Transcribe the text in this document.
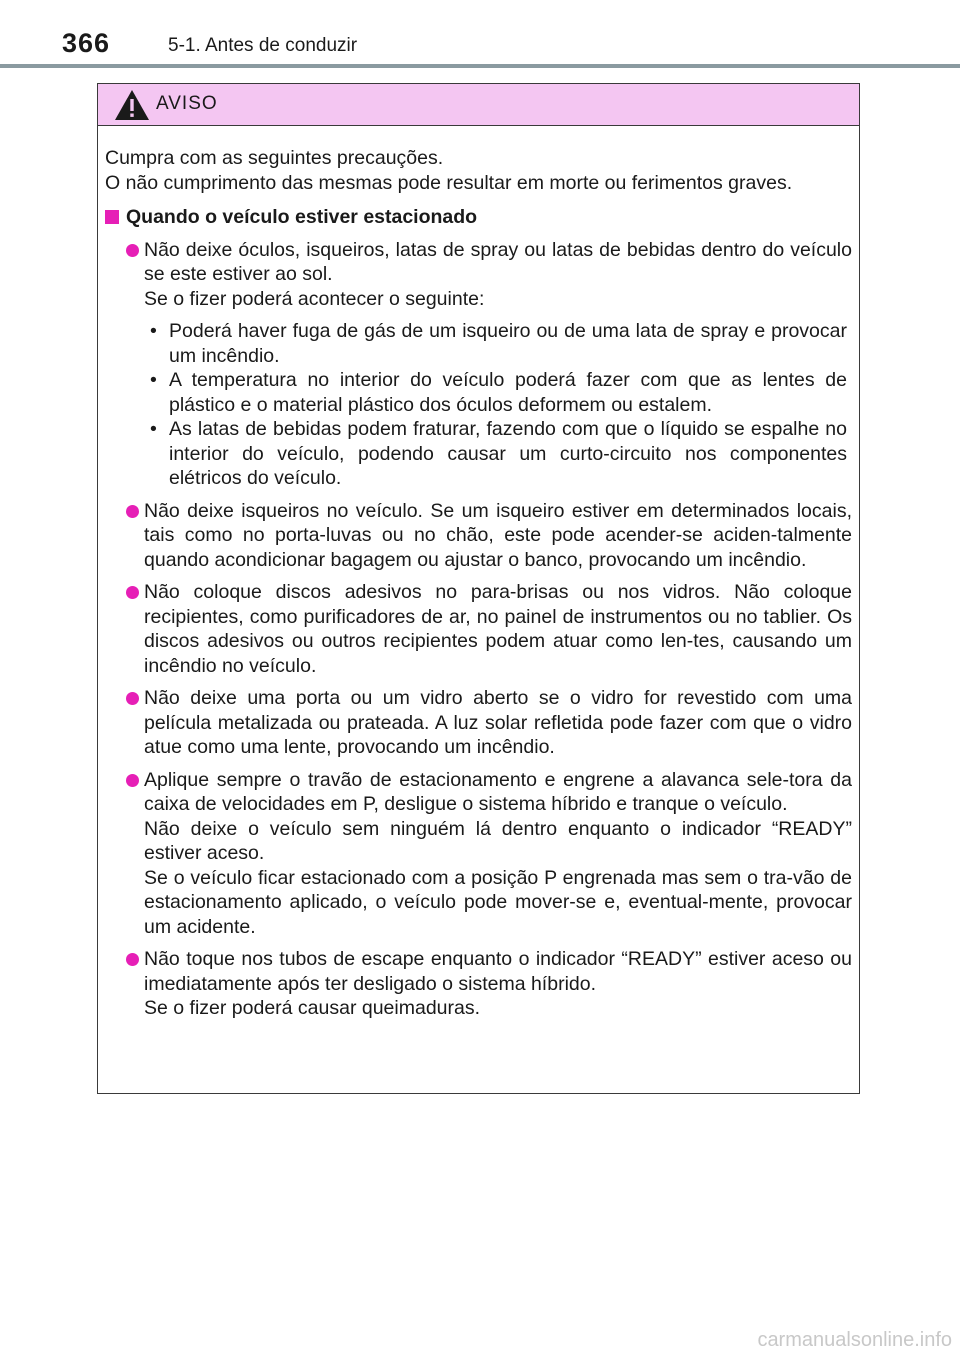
366	5-1. Antes de conduzir
AVISO

Cumpra com as seguintes precauções.

O não cumprimento das mesmas pode resultar em morte ou ferimentos graves.

Quando o veículo estiver estacionado

Não deixe óculos, isqueiros, latas de spray ou latas de bebidas dentro do veículo se este estiver ao sol.

Se o fizer poderá acontecer o seguinte:

• Poderá haver fuga de gás de um isqueiro ou de uma lata de spray e provocar um incêndio.
• A temperatura no interior do veículo poderá fazer com que as lentes de plástico e o material plástico dos óculos deformem ou estalem.
• As latas de bebidas podem fraturar, fazendo com que o líquido se espalhe no interior do veículo, podendo causar um curto-circuito nos componentes elétricos do veículo.

Não deixe isqueiros no veículo. Se um isqueiro estiver em determinados locais, tais como no porta-luvas ou no chão, este pode acender-se aciden-talmente quando acondicionar bagagem ou ajustar o banco, provocando um incêndio.

Não coloque discos adesivos no para-brisas ou nos vidros. Não coloque recipientes, como purificadores de ar, no painel de instrumentos ou no tablier. Os discos adesivos ou outros recipientes podem atuar como len-tes, causando um incêndio no veículo.

Não deixe uma porta ou um vidro aberto se o vidro for revestido com uma película metalizada ou prateada. A luz solar refletida pode fazer com que o vidro atue como uma lente, provocando um incêndio.

Aplique sempre o travão de estacionamento e engrene a alavanca sele-tora da caixa de velocidades em P, desligue o sistema híbrido e tranque o veículo.

Não deixe o veículo sem ninguém lá dentro enquanto o indicador “READY” estiver aceso.

Se o veículo ficar estacionado com a posição P engrenada mas sem o tra-vão de estacionamento aplicado, o veículo pode mover-se e, eventual-mente, provocar um acidente.

Não toque nos tubos de escape enquanto o indicador “READY” estiver aceso ou imediatamente após ter desligado o sistema híbrido.

Se o fizer poderá causar queimaduras.

carmanualsonline.info
